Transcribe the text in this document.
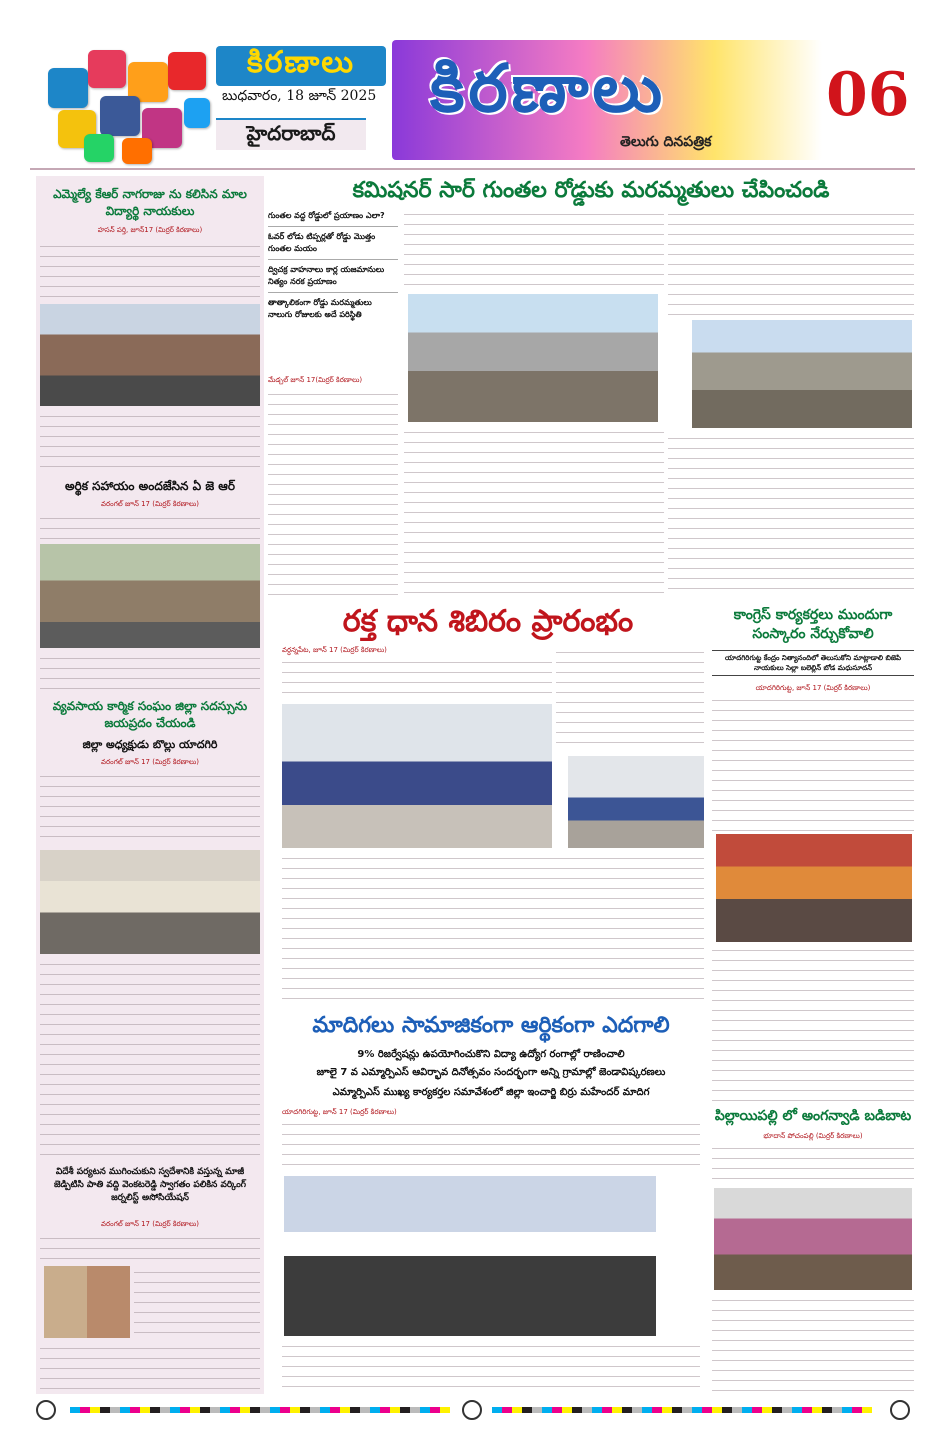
కిరణాలు
బుధవారం, 18 జూన్ 2025
హైదరాబాద్
కిరణాలు
తెలుగు దినపత్రిక
06
ఎమ్మెల్యే కేఆర్ నాగరాజు ను కలిసిన మాల విద్యార్థి నాయకులు
హసన్ పర్తి, జూన్17 (మిర్రర్ కిరణాలు)
అర్థిక సహాయం అందజేసిన ఏ జె ఆర్
వరంగల్ జూన్ 17 (మిర్రర్ కిరణాలు)
వ్యవసాయ కార్మిక సంఘం జిల్లా సదస్సును జయప్రదం చేయండి
జిల్లా అధ్యక్షుడు బొల్లు యాదగిరి
వరంగల్ జూన్ 17 (మిర్రర్ కిరణాలు)
విదేశీ పర్యటన ముగించుకుని స్వదేశానికి వస్తున్న మాజీ జెడ్పిటిసి పాతి వద్ది వెంకటరెడ్డి స్వాగతం పలికిన వర్కింగ్ జర్నలిస్ట్ అసోసియేషన్
వరంగల్ జూన్ 17 (మిర్రర్ కిరణాలు)
కమిషనర్ సార్ గుంతల రోడ్డుకు మరమ్మతులు చేపించండి
గుంతల వద్ద రోడ్డులో ప్రయాణం ఎలా?
ఓవర్ లోడు టిప్పర్లతో రోడ్డు మొత్తం గుంతల మయం
ద్విచక్ర వాహనాలు కార్ల యజమానులు నిత్యం నరక ప్రయాణం
తాత్కాలికంగా రోడ్డు మరమ్మతులు నాలుగు రోజులకు అదే పరిస్థితి
మేడ్చల్ జూన్ 17(మిర్రర్ కిరణాలు)
రక్త ధాన శిబిరం ప్రారంభం
వర్ధన్నపేట, జూన్ 17 (మిర్రర్ కిరణాలు)
కాంగ్రెస్ కార్యకర్తలు ముందుగా సంస్కారం నేర్చుకోవాలి
యాదగిరిగుట్ట కేంద్రం నిత్యానందిలో తెలుసుకోని మాట్లాడాలి బిజెపి నాయకులు సెల్లా బలెల్లిన్ బోడ మధుసూదన్
యాదగిరిగుట్ట, జూన్ 17 (మిర్రర్ కిరణాలు)
మాదిగలు సామాజికంగా ఆర్థికంగా ఎదగాలి
9% రిజర్వేషన్లు ఉపయోగించుకొని విద్యా ఉద్యోగ రంగాల్లో రాణించాలి
జూలై 7 వ ఎమ్మార్పిఎస్ ఆవిర్భావ దినోత్సవం సందర్భంగా అన్ని గ్రామాల్లో జెండావిష్కరణలు
ఎమ్మార్పిఎస్ ముఖ్య కార్యకర్తల సమావేశంలో జిల్లా ఇంచార్జి బిర్రు మహేందర్ మాదిగ
యాదగిరిగుట్ట, జూన్ 17 (మిర్రర్ కిరణాలు)	పిల్లాయిపల్లి లో అంగన్వాడి బడిబాట
భూదాన్ పోచంపల్లి (మిర్రర్ కిరణాలు)
